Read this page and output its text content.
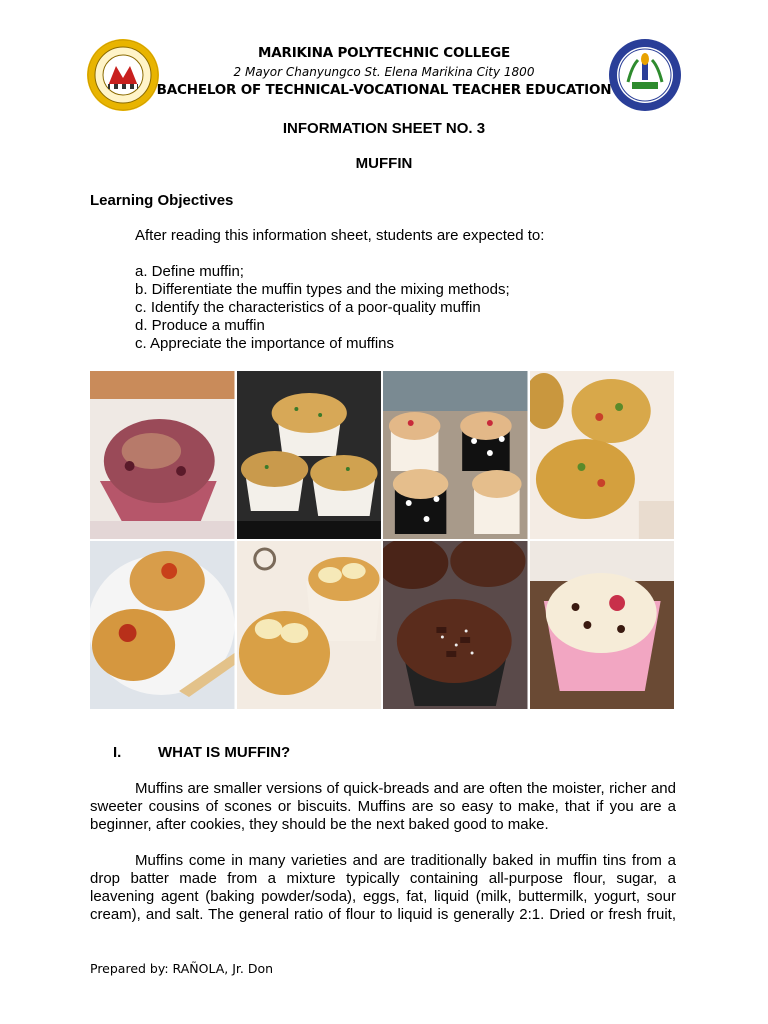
MARIKINA POLYTECHNIC COLLEGE
2 Mayor Chanyungco St. Elena Marikina City 1800
BACHELOR OF TECHNICAL-VOCATIONAL TEACHER EDUCATION
INFORMATION SHEET NO. 3
MUFFIN
Learning Objectives
After reading this information sheet, students are expected to:
a. Define muffin;
b. Differentiate the muffin types and the mixing methods;
c. Identify the characteristics of a poor-quality muffin
d. Produce a muffin
c. Appreciate the importance of muffins
I. WHAT IS MUFFIN?

Muffins are smaller versions of quick-breads and are often the moister, richer and
sweeter cousins of scones or biscuits. Muffins are so easy to make, that if you are a
beginner, after cookies, they should be the next baked good to make.

Muffins come in many varieties and are traditionally baked in muffin tins from a
drop batter made from a mixture typically containing all-purpose flour, sugar, a
leavening agent (baking powder/soda), eggs, fat, liquid (milk, buttermilk, yogurt, sour
cream), and salt. The general ratio of flour to liquid is generally 2:1. Dried or fresh fruit,

Prepared by: RAÑOLA, Jr. Don
